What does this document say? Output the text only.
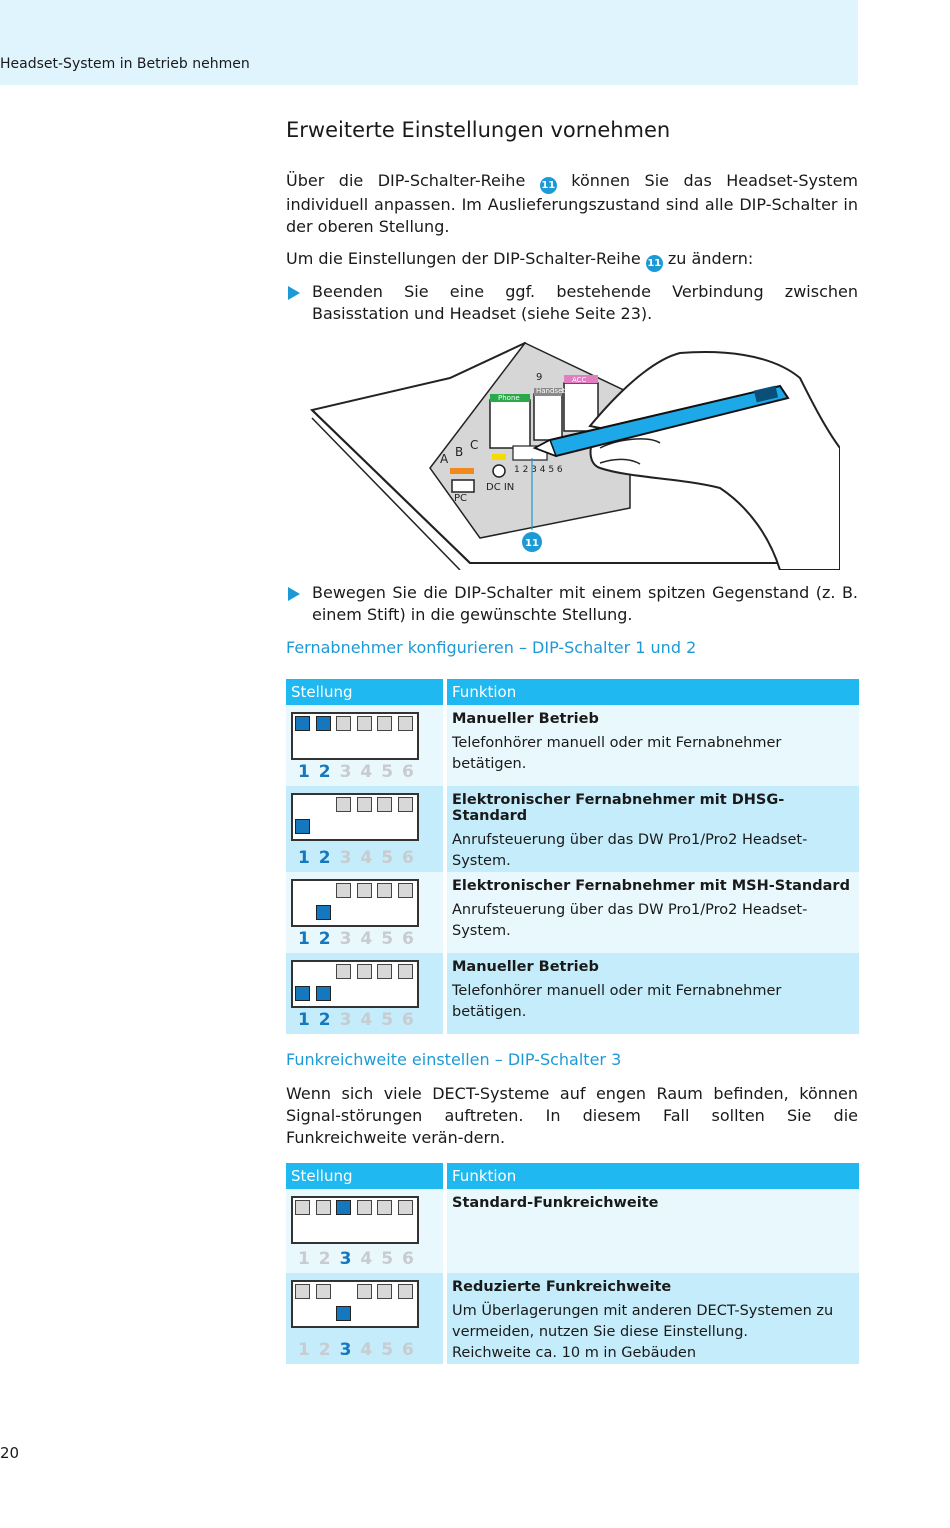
Headset-System in Betrieb nehmen
Erweiterte Einstellungen vornehmen

Über die DIP-Schalter-Reihe 11 können Sie das Headset-System individuell anpassen. Im Auslieferungszustand sind alle DIP-Schalter in der oberen Stellung.

Um die Einstellungen der DIP-Schalter-Reihe 11 zu ändern:

Beenden Sie eine ggf. bestehende Verbindung zwischen Basisstation und Headset (siehe Seite 23).
Phone
Handset
ACC
9
A B C
PC
DC IN
1 2 3 4 5 6
11
Bewegen Sie die DIP-Schalter mit einem spitzen Gegenstand (z. B. einem Stift) in die gewünschte Stellung.
Fernabnehmer konfigurieren – DIP-Schalter 1 und 2
Stellung	Funktion

1 2 3 4 5 6	Manueller Betrieb
Telefonhörer manuell oder mit Fernabnehmer betätigen.

1 2 3 4 5 6	Elektronischer Fernabnehmer mit DHSG-Standard
Anrufsteuerung über das DW Pro1/Pro2 Headset-System.

1 2 3 4 5 6	Elektronischer Fernabnehmer mit MSH-Standard
Anrufsteuerung über das DW Pro1/Pro2 Headset-System.

1 2 3 4 5 6	Manueller Betrieb
Telefonhörer manuell oder mit Fernabnehmer betätigen.
Funkreichweite einstellen – DIP-Schalter 3

Wenn sich viele DECT-Systeme auf engen Raum befinden, können Signal-störungen auftreten. In diesem Fall sollten Sie die Funkreichweite verän-dern.

Stellung	Funktion

1 2 3 4 5 6	Standard-Funkreichweite

1 2 3 4 5 6	Reduzierte Funkreichweite
Um Überlagerungen mit anderen DECT-Systemen zu vermeiden, nutzen Sie diese Einstellung.
Reichweite ca. 10 m in Gebäuden
20
